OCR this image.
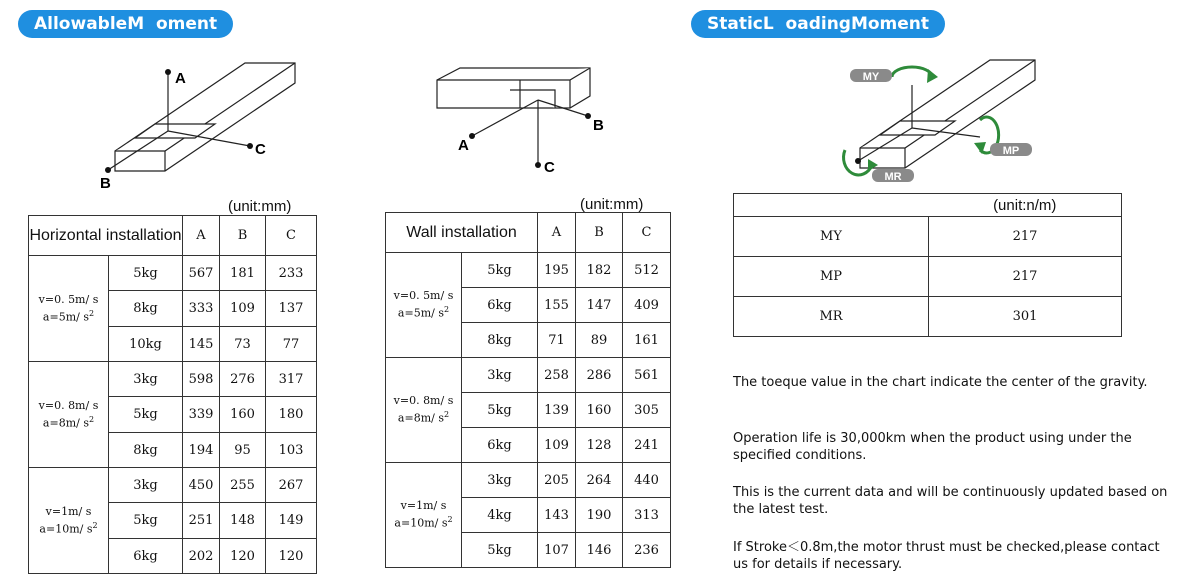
AllowableM  oment	StaticL  oadingMoment
A
C
B
A
B
C
MY
MP
MR
(unit:mm)
Horizontal installation		A	B	C

v=0. 5m/ s
a=5m/ $s^2$	5kg	567	181	233
	8kg	333	109	137
	10kg	145	73	77

v=0. 8m/ s
a=8m/ $s^2$	3kg	598	276	317
	5kg	339	160	180
	8kg	194	95	103

v=1m/ s
a=10m/ $s^2$	3kg	450	255	267
	5kg	251	148	149
	6kg	202	120	120
(unit:mm)
Wall installation		A	B	C

v=0. 5m/ s
a=5m/ $s^2$	5kg	195	182	512
	6kg	155	147	409
	8kg	71	89	161

v=0. 8m/ s
a=8m/ $s^2$	3kg	258	286	561
	5kg	139	160	305
	6kg	109	128	241

v=1m/ s
a=10m/ $s^2$	3kg	205	264	440
	4kg	143	190	313
	5kg	107	146	236
	(unit:n/m)
MY	217
MP	217
MR	301
The toeque value in the chart indicate the center of the gravity.
Operation life is 30,000km when the product using under the specified conditions.
This is the current data and will be continuously updated based on the latest test.
If Stroke＜0.8m,the motor thrust must be checked,please contact us for details if necessary.
